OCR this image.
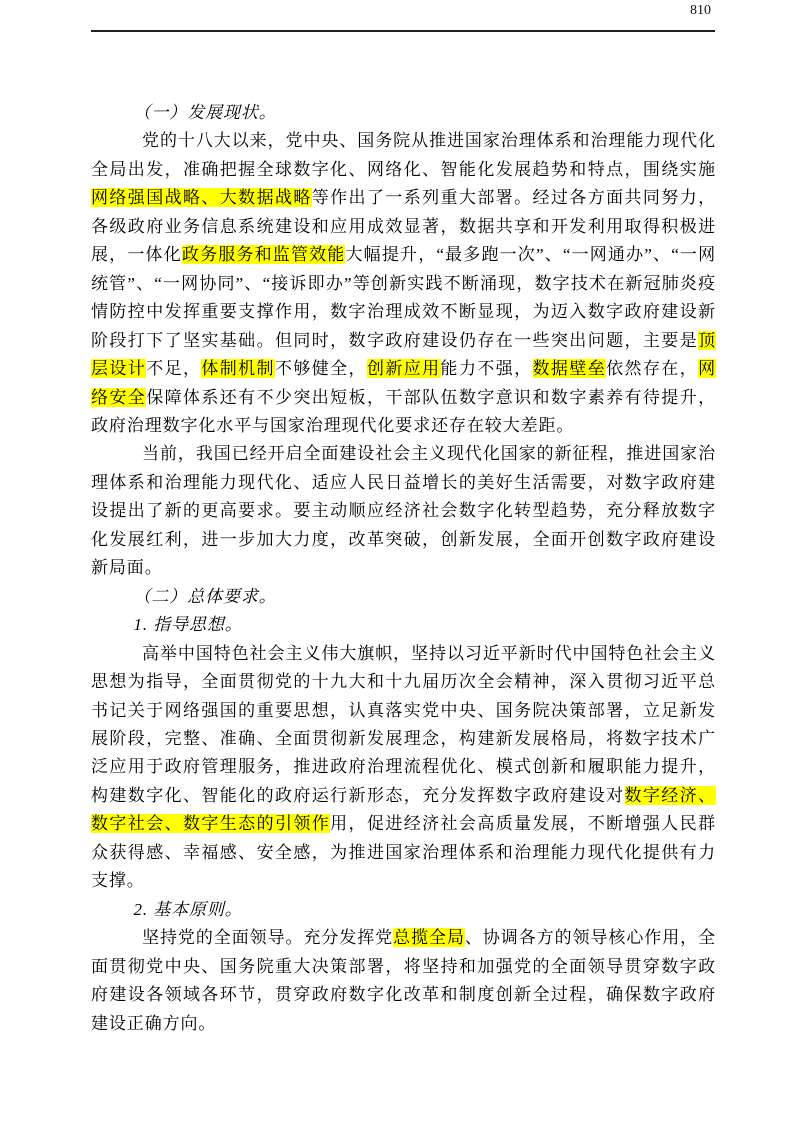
810

（一）发展现状。

党的十八大以来，党中央、国务院从推进国家治理体系和治理能力现代化全局出发，准确把握全球数字化、网络化、智能化发展趋势和特点，围绕实施网络强国战略、大数据战略等作出了一系列重大部署。经过各方面共同努力，各级政府业务信息系统建设和应用成效显著，数据共享和开发利用取得积极进展，一体化政务服务和监管效能大幅提升，“最多跑一次”、“一网通办”、“一网统管”、“一网协同”、“接诉即办”等创新实践不断涌现，数字技术在新冠肺炎疫情防控中发挥重要支撑作用，数字治理成效不断显现，为迈入数字政府建设新阶段打下了坚实基础。但同时，数字政府建设仍存在一些突出问题，主要是顶层设计不足，体制机制不够健全，创新应用能力不强，数据壁垒依然存在，网络安全保障体系还有不少突出短板，干部队伍数字意识和数字素养有待提升，政府治理数字化水平与国家治理现代化要求还存在较大差距。

当前，我国已经开启全面建设社会主义现代化国家的新征程，推进国家治理体系和治理能力现代化、适应人民日益增长的美好生活需要，对数字政府建设提出了新的更高要求。要主动顺应经济社会数字化转型趋势，充分释放数字化发展红利，进一步加大力度，改革突破，创新发展，全面开创数字政府建设新局面。

（二）总体要求。

1. 指导思想。

高举中国特色社会主义伟大旗帜，坚持以习近平新时代中国特色社会主义思想为指导，全面贯彻党的十九大和十九届历次全会精神，深入贯彻习近平总书记关于网络强国的重要思想，认真落实党中央、国务院决策部署，立足新发展阶段，完整、准确、全面贯彻新发展理念，构建新发展格局，将数字技术广泛应用于政府管理服务，推进政府治理流程优化、模式创新和履职能力提升，构建数字化、智能化的政府运行新形态，充分发挥数字政府建设对数字经济、数字社会、数字生态的引领作用，促进经济社会高质量发展，不断增强人民群众获得感、幸福感、安全感，为推进国家治理体系和治理能力现代化提供有力支撑。

2. 基本原则。

坚持党的全面领导。充分发挥党总揽全局、协调各方的领导核心作用，全面贯彻党中央、国务院重大决策部署，将坚持和加强党的全面领导贯穿数字政府建设各领域各环节，贯穿政府数字化改革和制度创新全过程，确保数字政府建设正确方向。
